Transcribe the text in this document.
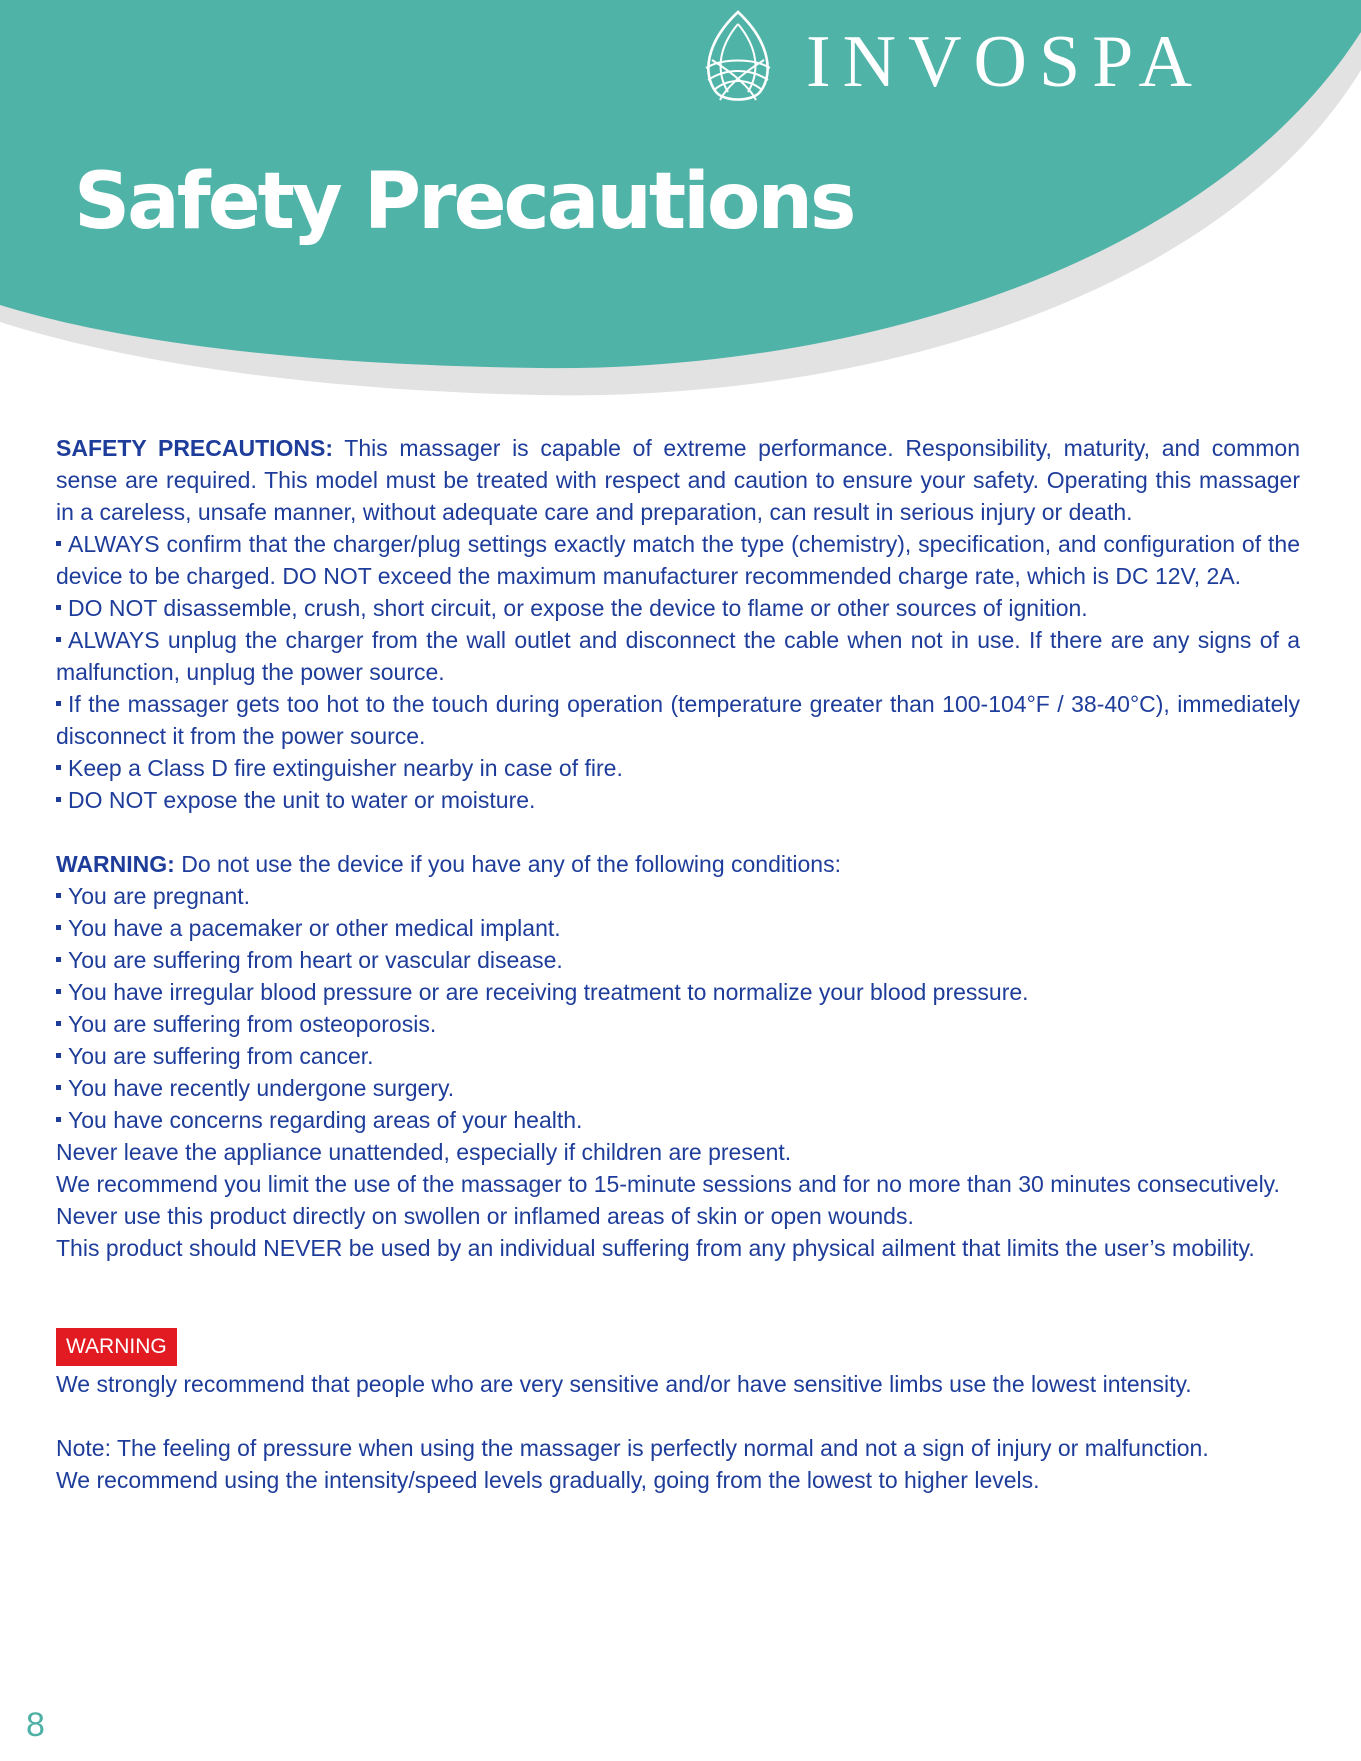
INVOSPA
Safety Precautions

SAFETY PRECAUTIONS: This massager is capable of extreme performance. Responsibility, maturity, and common sense are required. This model must be treated with respect and caution to ensure your safety. Operating this massager in a careless, unsafe manner, without adequate care and preparation, can result in serious injury or death.

ALWAYS confirm that the charger/plug settings exactly match the type (chemistry), specification, and configuration of the device to be charged. DO NOT exceed the maximum manufacturer recommended charge rate, which is DC 12V, 2A.
DO NOT disassemble, crush, short circuit, or expose the device to flame or other sources of ignition.
ALWAYS unplug the charger from the wall outlet and disconnect the cable when not in use. If there are any signs of a malfunction, unplug the power source.
If the massager gets too hot to the touch during operation (temperature greater than 100-104°F / 38-40°C), immediately disconnect it from the power source.
Keep a Class D fire extinguisher nearby in case of fire.
DO NOT expose the unit to water or moisture.

WARNING: Do not use the device if you have any of the following conditions:

You are pregnant.
You have a pacemaker or other medical implant.
You are suffering from heart or vascular disease.
You have irregular blood pressure or are receiving treatment to normalize your blood pressure.
You are suffering from osteoporosis.
You are suffering from cancer.
You have recently undergone surgery.
You have concerns regarding areas of your health.

Never leave the appliance unattended, especially if children are present.

We recommend you limit the use of the massager to 15-minute sessions and for no more than 30 minutes consecutively.

Never use this product directly on swollen or inflamed areas of skin or open wounds.

This product should NEVER be used by an individual suffering from any physical ailment that limits the user’s mobility.

WARNING

We strongly recommend that people who are very sensitive and/or have sensitive limbs use the lowest intensity.

Note: The feeling of pressure when using the massager is perfectly normal and not a sign of injury or malfunction.

We recommend using the intensity/speed levels gradually, going from the lowest to higher levels.

8
